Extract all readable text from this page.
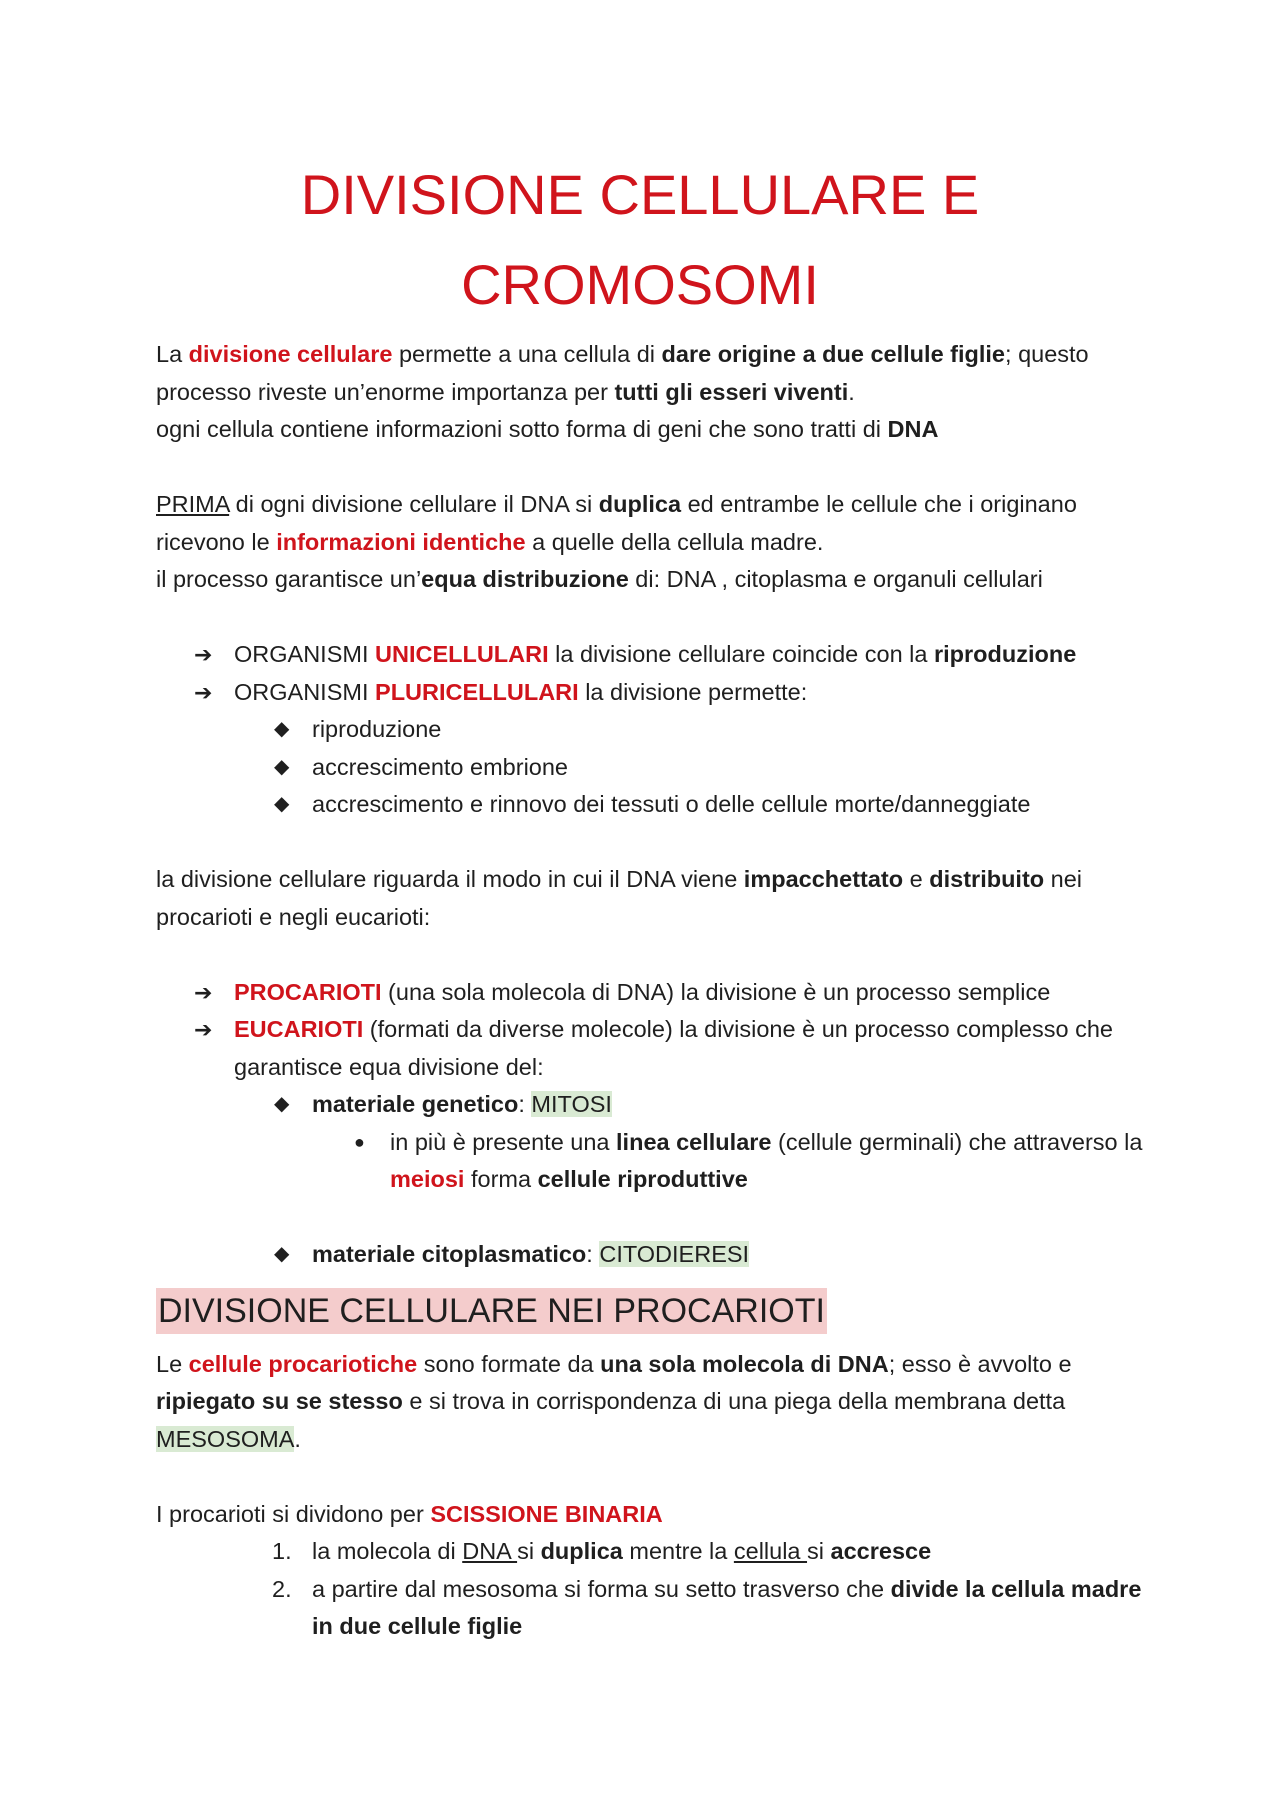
DIVISIONE CELLULARE E
CROMOSOMI

La divisione cellulare permette a una cellula di dare origine a due cellule figlie; questo processo riveste un’enorme importanza per tutti gli esseri viventi.

ogni cellula contiene informazioni sotto forma di geni che sono tratti di DNA

PRIMA di ogni divisione cellulare il DNA si duplica ed entrambe le cellule che i originano ricevono le informazioni identiche a quelle della cellula madre.

il processo garantisce un’equa distribuzione di: DNA , citoplasma e organuli cellulari

➔ ORGANISMI UNICELLULARI la divisione cellulare coincide con la riproduzione
➔ ORGANISMI PLURICELLULARI la divisione permette:
◆ riproduzione
◆ accrescimento embrione
◆ accrescimento e rinnovo dei tessuti o delle cellule morte/danneggiate

la divisione cellulare riguarda il modo in cui il DNA viene impacchettato e distribuito nei procarioti e negli eucarioti:

➔ PROCARIOTI (una sola molecola di DNA) la divisione è un processo semplice
➔ EUCARIOTI (formati da diverse molecole) la divisione è un processo complesso che garantisce equa divisione del:
◆ materiale genetico: MITOSI
● in più è presente una linea cellulare (cellule germinali) che attraverso la meiosi forma cellule riproduttive
◆ materiale citoplasmatico: CITODIERESI
DIVISIONE CELLULARE NEI PROCARIOTI

Le cellule procariotiche sono formate da una sola molecola di DNA; esso è avvolto e ripiegato su se stesso e si trova in corrispondenza di una piega della membrana detta MESOSOMA.

I procarioti si dividono per SCISSIONE BINARIA

1. la molecola di DNA si duplica mentre la cellula si accresce
2. a partire dal mesosoma si forma su setto trasverso che divide la cellula madre in due cellule figlie
